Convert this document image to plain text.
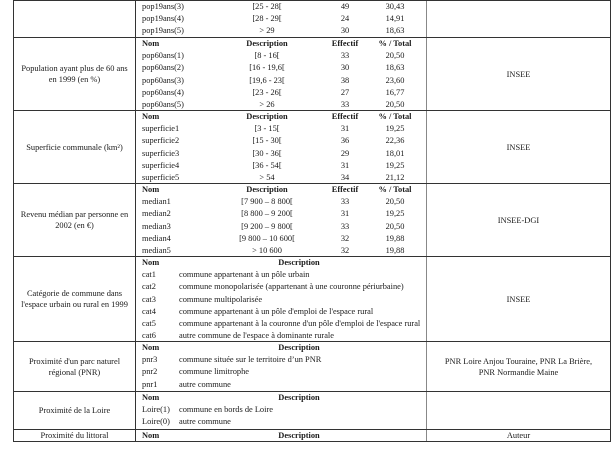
pop19ans(3)	[25 - 28[	49	30,43
pop19ans(4)	[28 - 29[	24	14,91
pop19ans(5)	> 29	30	18,63
Population ayant plus de 60 ans en 1999 (en %)
Nom	Description	Effectif	% / Total
pop60ans(1)	[8 - 16[	33	20,50
pop60ans(2)	[16 - 19,6[	30	18,63
pop60ans(3)	[19,6 - 23[	38	23,60
pop60ans(4)	[23 - 26[	27	16,77
pop60ans(5)	> 26	33	20,50
INSEE
Superficie communale (km²)
Nom	Description	Effectif	% / Total
superficie1	[3 - 15[	31	19,25
superficie2	[15 - 30[	36	22,36
superficie3	[30 - 36[	29	18,01
superficie4	[36 - 54[	31	19,25
superficie5	> 54	34	21,12
INSEE
Revenu médian par personne en 2002 (en €)
Nom	Description	Effectif	% / Total
median1	[7 900 – 8 800[	33	20,50
median2	[8 800 – 9 200[	31	19,25
median3	[9 200 – 9 800[	33	20,50
median4	[9 800 – 10 600[	32	19,88
median5	> 10 600	32	19,88
INSEE-DGI
Catégorie de commune dans l'espace urbain ou rural en 1999
Nom	Description
cat1	commune appartenant à un pôle urbain
cat2	commune monopolarisée (appartenant à une couronne périurbaine)
cat3	commune multipolarisée
cat4	commune appartenant à un pôle d'emploi de l'espace rural
cat5	commune appartenant à la couronne d'un pôle d'emploi de l'espace rural
cat6	autre commune de l'espace à dominante rurale
INSEE
Proximité d'un parc naturel régional (PNR)
Nom	Description
pnr3	commune située sur le territoire d’un PNR
pnr2	commune limitrophe
pnr1	autre commune
PNR Loire Anjou Touraine, PNR La Brière, PNR Normandie Maine
Proximité de la Loire
Nom	Description
Loire(1) commune en bords de Loire
Loire(0) autre commune
Proximité du littoral	Nom	Description	Auteur
